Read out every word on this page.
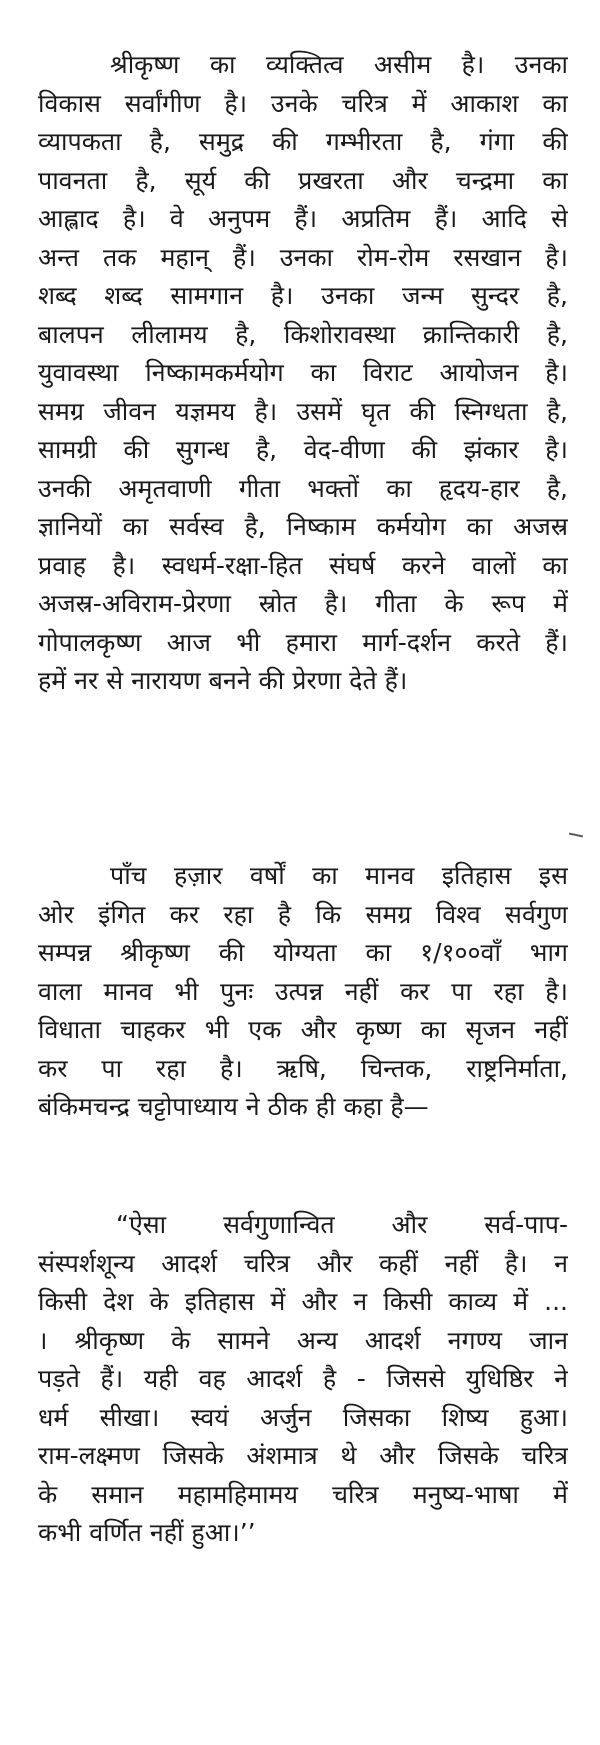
श्रीकृष्ण का व्यक्तित्व असीम है। उनका
विकास सर्वांगीण है। उनके चरित्र में आकाश का
व्यापकता है, समुद्र की गम्भीरता है, गंगा की
पावनता है, सूर्य की प्रखरता और चन्द्रमा का
आह्लाद है। वे अनुपम हैं। अप्रतिम हैं। आदि से
अन्त तक महान् हैं। उनका रोम-रोम रसखान है।
शब्द शब्द सामगान है। उनका जन्म सुन्दर है,
बालपन लीलामय है, किशोरावस्था क्रान्तिकारी है,
युवावस्था निष्कामकर्मयोग का विराट आयोजन है।
समग्र जीवन यज्ञमय है। उसमें घृत की स्निग्धता है,
सामग्री की सुगन्ध है, वेद-वीणा की झंकार है।
उनकी अमृतवाणी गीता भक्तों का हृदय-हार है,
ज्ञानियों का सर्वस्व है, निष्काम कर्मयोग का अजस्र
प्रवाह है। स्वधर्म-रक्षा-हित संघर्ष करने वालों का
अजस्र-अविराम-प्रेरणा स्रोत है। गीता के रूप में
गोपालकृष्ण आज भी हमारा मार्ग-दर्शन करते हैं।
हमें नर से नारायण बनने की प्रेरणा देते हैं।
पाँच हज़ार वर्षों का मानव इतिहास इस
ओर इंगित कर रहा है कि समग्र विश्व सर्वगुण
सम्पन्न श्रीकृष्ण की योग्यता का १/१००वाँ भाग
वाला मानव भी पुनः उत्पन्न नहीं कर पा रहा है।
विधाता चाहकर भी एक और कृष्ण का सृजन नहीं
कर पा रहा है। ऋषि, चिन्तक, राष्ट्रनिर्माता,
बंकिमचन्द्र चट्टोपाध्याय ने ठीक ही कहा है—
“ऐसा सर्वगुणान्वित और सर्व-पाप-
संस्पर्शशून्य आदर्श चरित्र और कहीं नहीं है। न
किसी देश के इतिहास में और न किसी काव्य में ...
। श्रीकृष्ण के सामने अन्य आदर्श नगण्य जान
पड़ते हैं। यही वह आदर्श है - जिससे युधिष्ठिर ने
धर्म सीखा। स्वयं अर्जुन जिसका शिष्य हुआ।
राम-लक्ष्मण जिसके अंशमात्र थे और जिसके चरित्र
के समान महामहिमामय चरित्र मनुष्य-भाषा में
कभी वर्णित नहीं हुआ।’’
